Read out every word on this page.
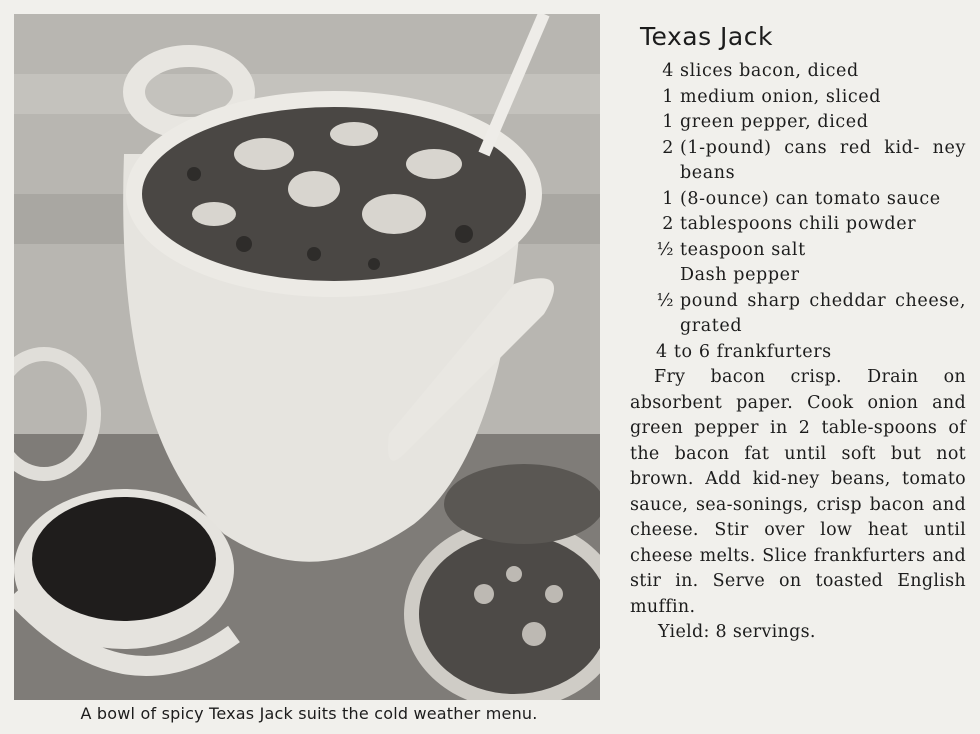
A bowl of spicy Texas Jack suits the cold weather menu.
Texas Jack
4 slices bacon, diced
1 medium onion, sliced
1 green pepper, diced
2 (1-pound) cans red kid- ney beans
1 (8-ounce) can tomato sauce
2 tablespoons chili powder
½ teaspoon salt
Dash pepper
½ pound sharp cheddar cheese, grated
4 to 6 frankfurters

Fry bacon crisp. Drain on absorbent paper. Cook onion and green pepper in 2 table-spoons of the bacon fat until soft but not brown. Add kid-ney beans, tomato sauce, sea-sonings, crisp bacon and cheese. Stir over low heat until cheese melts. Slice frankfurters and stir in. Serve on toasted English muffin.

Yield: 8 servings.
